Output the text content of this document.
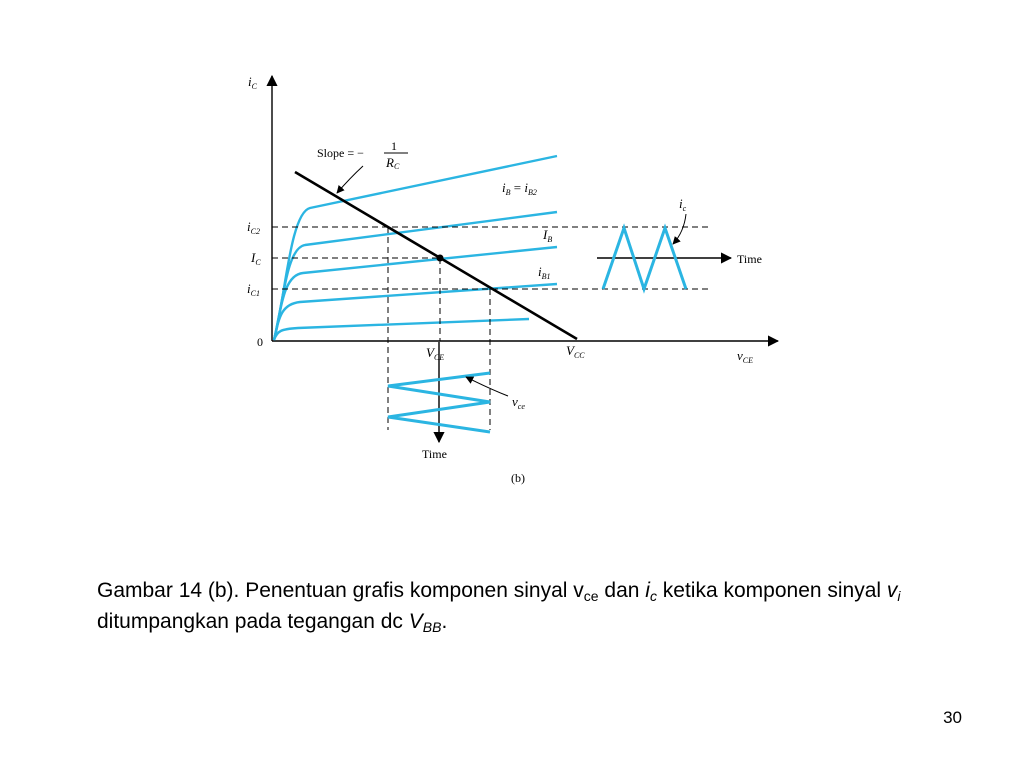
$i_C$
$v_{CE}$
0
Slope = − 1
RC
$i_B = i_{B2}$
$I_B$
$i_{B1}$
$i_{C2}$
$I_C$
$i_{C1}$
$V_{CE}$	$V_{CC}$
Time
$i_c$
Time
$v_{ce}$
(b)
Gambar 14 (b). Penentuan grafis komponen sinyal $v_{ce}$ dan $i_c$ ketika komponen sinyal $v_i$ ditumpangkan pada tegangan dc $V_{BB}$.
30
